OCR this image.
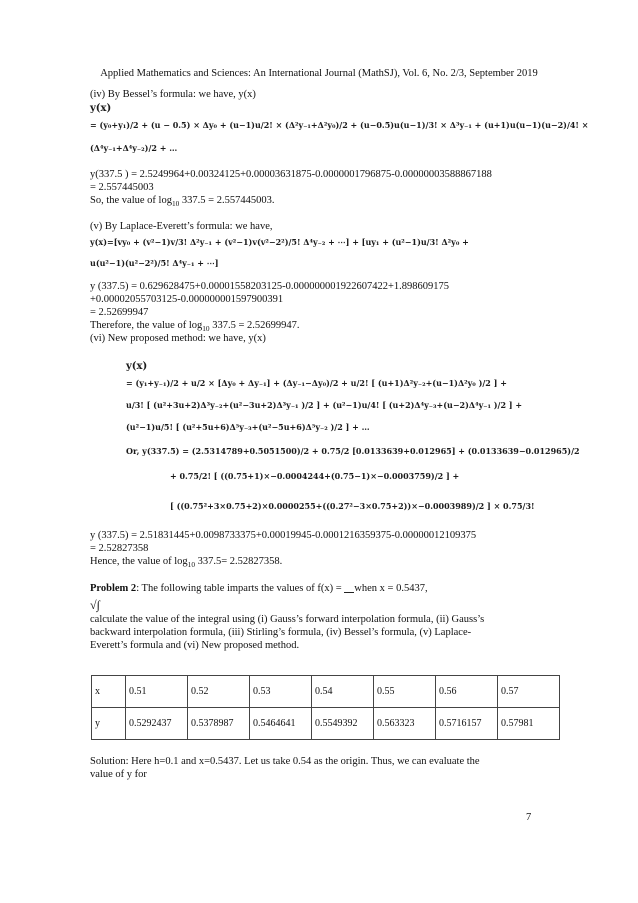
Applied Mathematics and Sciences: An International Journal (MathSJ), Vol. 6, No. 2/3, September 2019
(iv) By Bessel’s formula: we have, y(x)
y(x)
= (y₀+y₁)/2 + (u − 0.5) × Δy₀ + (u−1)u/2! × (Δ²y₋₁+Δ²y₀)/2 + (u−0.5)u(u−1)/3! × Δ³y₋₁ + (u+1)u(u−1)(u−2)/4! ×
(Δ⁴y₋₁+Δ⁴y₋₂)/2 + …
y(337.5 ) = 2.5249964+0.00324125+0.00003631875-0.0000001796875-0.00000003588867188
= 2.557445003
So, the value of $\log_{10} 337.5 = 2.557445003$.
(v) By Laplace-Everett’s formula: we have,
y(x)=[vy₀ + (v²−1)v/3! Δ²y₋₁ + (v²−1)v(v²−2²)/5! Δ⁴y₋₂ + ⋯] + [uy₁ + (u²−1)u/3! Δ²y₀ +
u(u²−1)(u²−2²)/5! Δ⁴y₋₁ + ⋯]
y (337.5) = 0.629628475+0.00001558203125-0.000000001922607422+1.898609175
+0.00002055703125-0.000000001597900391
= 2.52699947
Therefore, the value of $\log_{10} 337.5 = 2.52699947$.
(vi) New proposed method: we have, y(x)
y(x)
= (y₁+y₋₁)/2 + u/2 × [Δy₀ + Δy₋₁] + (Δy₋₁−Δy₀)/2 + u/2! [ (u+1)Δ²y₋₂+(u−1)Δ²y₀ )/2 ] +
u/3! [ (u²+3u+2)Δ³y₋₂+(u²−3u+2)Δ³y₋₁ )/2 ] + (u²−1)u/4! [ (u+2)Δ⁴y₋₃+(u−2)Δ⁴y₋₁ )/2 ] +
(u²−1)u/5! [ (u²+5u+6)Δ⁵y₋₃+(u²−5u+6)Δ⁵y₋₂ )/2 ] + …
Or, y(337.5) = (2.5314789+0.5051500)/2 + 0.75/2 [0.0133639+0.012965] + (0.0133639−0.012965)/2
+ 0.75/2! [ ((0.75+1)×−0.0004244+(0.75−1)×−0.0003759)/2 ] +
[ ((0.75²+3×0.75+2)×0.0000255+((0.27²−3×0.75+2))×−0.0003989)/2 ] × 0.75/3!
y (337.5) = 2.51831445+0.0098733375+0.00019945-0.0001216359375-0.00000012109375
= 2.52827358
Hence, the value of $\log_{10} 337.5= 2.52827358$.
Problem 2: The following table imparts the values of f(x) = when x = 0.5437,
√∫
calculate the value of the integral using (i) Gauss’s forward interpolation formula, (ii) Gauss’s
backward interpolation formula, (iii) Stirling’s formula, (iv) Bessel’s formula, (v) Laplace-
Everett’s formula and (vi) New proposed method.
x	0.51	0.52	0.53	0.54	0.55	0.56	0.57
y	0.5292437	0.5378987	0.5464641	0.5549392	0.563323	0.5716157	0.57981
Solution: Here h=0.1 and x=0.5437. Let us take 0.54 as the origin. Thus, we can evaluate the
value of y for
7
